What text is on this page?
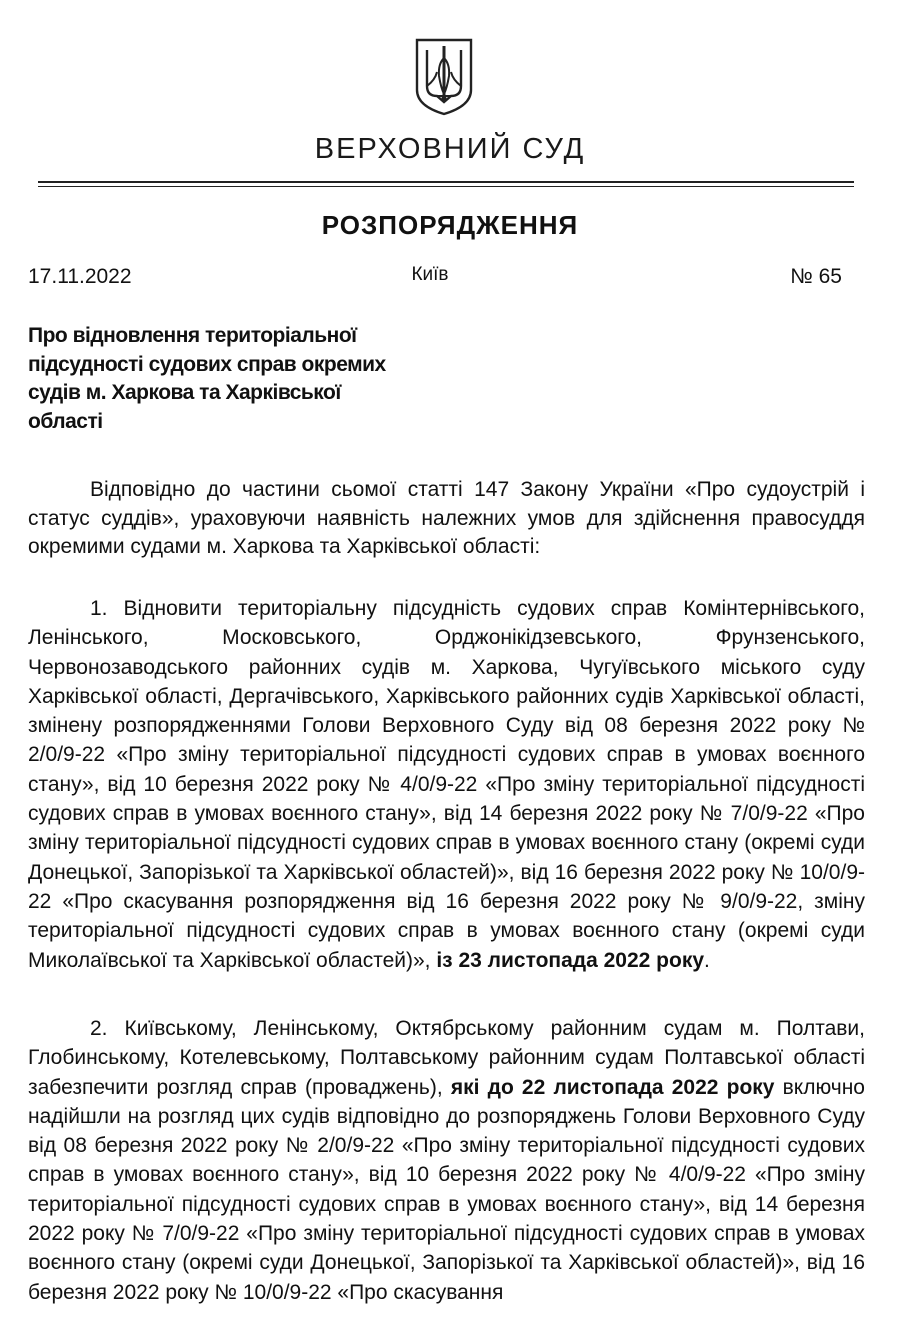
ВЕРХОВНИЙ СУД
РОЗПОРЯДЖЕННЯ
17.11.2022	Київ	№ 65
Про відновлення територіальної підсудності судових справ окремих судів м. Харкова та Харківської області

Відповідно до частини сьомої статті 147 Закону України «Про судоустрій і статус суддів», ураховуючи наявність належних умов для здійснення правосуддя окремими судами м. Харкова та Харківської області:

1. Відновити територіальну підсудність судових справ Комінтернівського, Ленінського, Московського, Орджонікідзевського, Фрунзенського, Червонозаводського районних судів м. Харкова, Чугуївського міського суду Харківської області, Дергачівського, Харківського районних судів Харківської області, змінену розпорядженнями Голови Верховного Суду від 08 березня 2022 року № 2/0/9-22 «Про зміну територіальної підсудності судових справ в умовах воєнного стану», від 10 березня 2022 року № 4/0/9-22 «Про зміну територіальної підсудності судових справ в умовах воєнного стану», від 14 березня 2022 року № 7/0/9-22 «Про зміну територіальної підсудності судових справ в умовах воєнного стану (окремі суди Донецької, Запорізької та Харківської областей)», від 16 березня 2022 року № 10/0/9-22 «Про скасування розпорядження від 16 березня 2022 року № 9/0/9-22, зміну територіальної підсудності судових справ в умовах воєнного стану (окремі суди Миколаївської та Харківської областей)», із 23 листопада 2022 року.

2. Київському, Ленінському, Октябрському районним судам м. Полтави, Глобинському, Котелевському, Полтавському районним судам Полтавської області забезпечити розгляд справ (проваджень), які до 22 листопада 2022 року включно надійшли на розгляд цих судів відповідно до розпоряджень Голови Верховного Суду від 08 березня 2022 року № 2/0/9-22 «Про зміну територіальної підсудності судових справ в умовах воєнного стану», від 10 березня 2022 року № 4/0/9-22 «Про зміну територіальної підсудності судових справ в умовах воєнного стану», від 14 березня 2022 року № 7/0/9-22 «Про зміну територіальної підсудності судових справ в умовах воєнного стану (окремі суди Донецької, Запорізької та Харківської областей)», від 16 березня 2022 року № 10/0/9-22 «Про скасування
